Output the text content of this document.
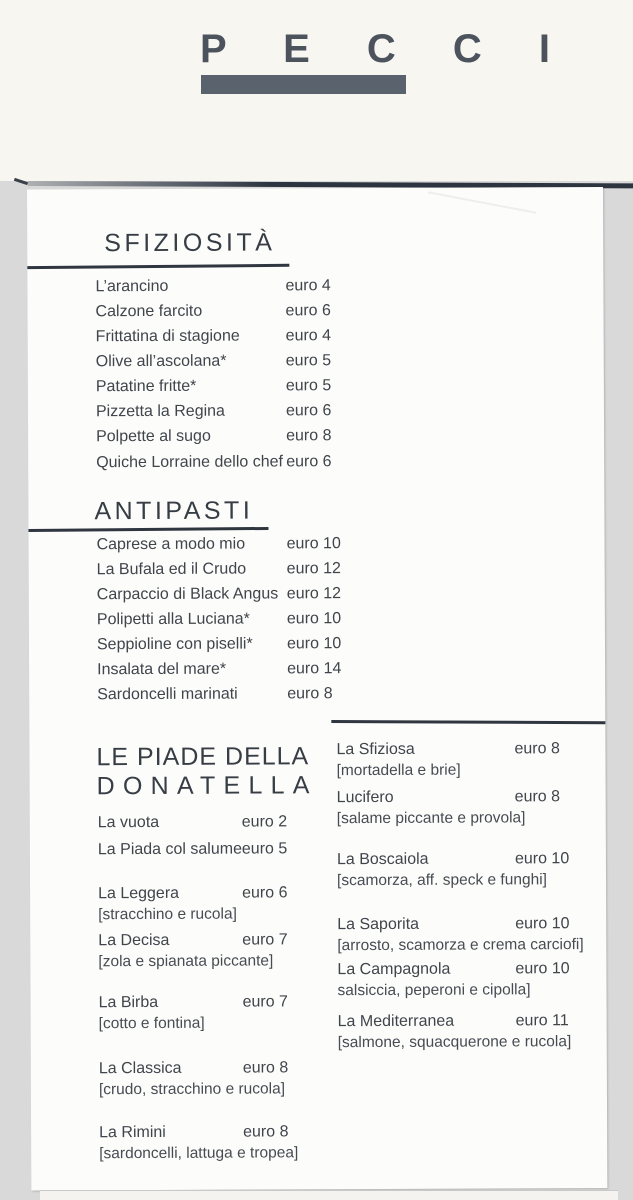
P E C C I
SFIZIOSITÀ
L’arancino	euro 4
Calzone farcito	euro 6
Frittatina di stagione	euro 4
Olive all’ascolana*	euro 5
Patatine fritte*	euro 5
Pizzetta la Regina	euro 6
Polpette al sugo	euro 8
Quiche Lorraine dello chef euro 6
ANTIPASTI
Caprese a modo mio	euro 10
La Bufala ed il Crudo	euro 12
Carpaccio di Black Angus euro 12
Polipetti alla Luciana* euro 10
Seppioline con piselli* euro 10
Insalata del mare*	euro 14
Sardoncelli marinati	euro 8
LE PIADE DELLA
DONATELLA
La vuota	euro 2
La Piada col salume euro 5
La Leggera	euro 6
[stracchino e rucola]
La Decisa	euro 7
[zola e spianata piccante]
La Birba	euro 7
[cotto e fontina]
La Classica	euro 8
[crudo, stracchino e rucola]
La Rimini	euro 8
[sardoncelli, lattuga e tropea]
La Sfiziosa	euro 8
[mortadella e brie]
Lucifero	euro 8
[salame piccante e provola]
La Boscaiola	euro 10
[scamorza, aff. speck e funghi]
La Saporita	euro 10
[arrosto, scamorza e crema carciofi]
La Campagnola	euro 10
salsiccia, peperoni e cipolla]
La Mediterranea	euro 11
[salmone, squacquerone e rucola]
